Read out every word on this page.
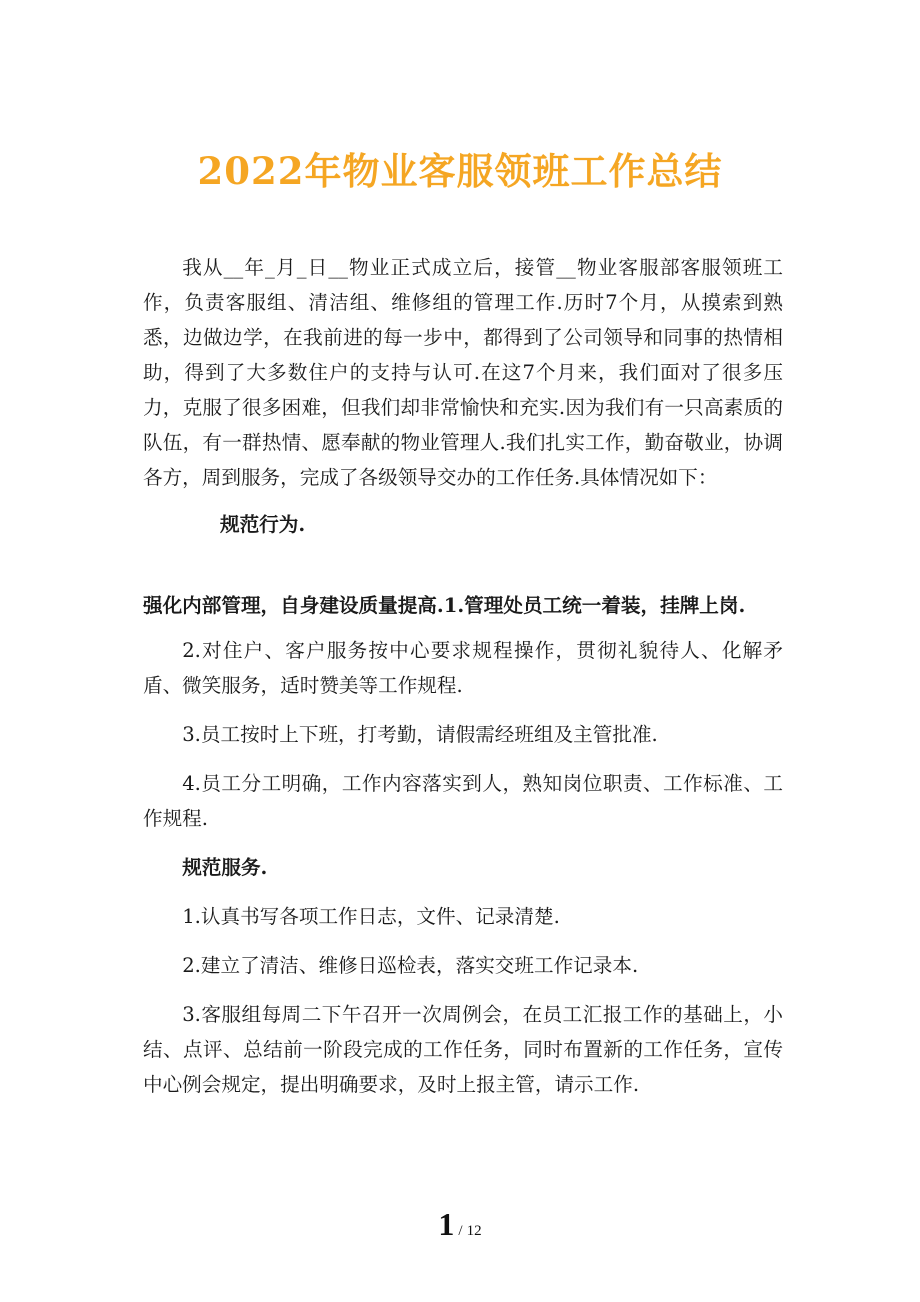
2022年物业客服领班工作总结

我从__年_月_日__物业正式成立后，接管__物业客服部客服领班工作，负责客服组、清洁组、维修组的管理工作.历时7个月，从摸索到熟悉，边做边学，在我前进的每一步中，都得到了公司领导和同事的热情相助，得到了大多数住户的支持与认可.在这7个月来，我们面对了很多压力，克服了很多困难，但我们却非常愉快和充实.因为我们有一只高素质的队伍，有一群热情、愿奉献的物业管理人.我们扎实工作，勤奋敬业，协调各方，周到服务，完成了各级领导交办的工作任务.具体情况如下：

规范行为.

强化内部管理，自身建设质量提高.1.管理处员工统一着装，挂牌上岗.

2.对住户、客户服务按中心要求规程操作，贯彻礼貌待人、化解矛盾、微笑服务，适时赞美等工作规程.

3.员工按时上下班，打考勤，请假需经班组及主管批准.

4.员工分工明确，工作内容落实到人，熟知岗位职责、工作标准、工作规程.

规范服务.

1.认真书写各项工作日志，文件、记录清楚.

2.建立了清洁、维修日巡检表，落实交班工作记录本.

3.客服组每周二下午召开一次周例会，在员工汇报工作的基础上，小结、点评、总结前一阶段完成的工作任务，同时布置新的工作任务，宣传中心例会规定，提出明确要求，及时上报主管，请示工作.

1 / 12
